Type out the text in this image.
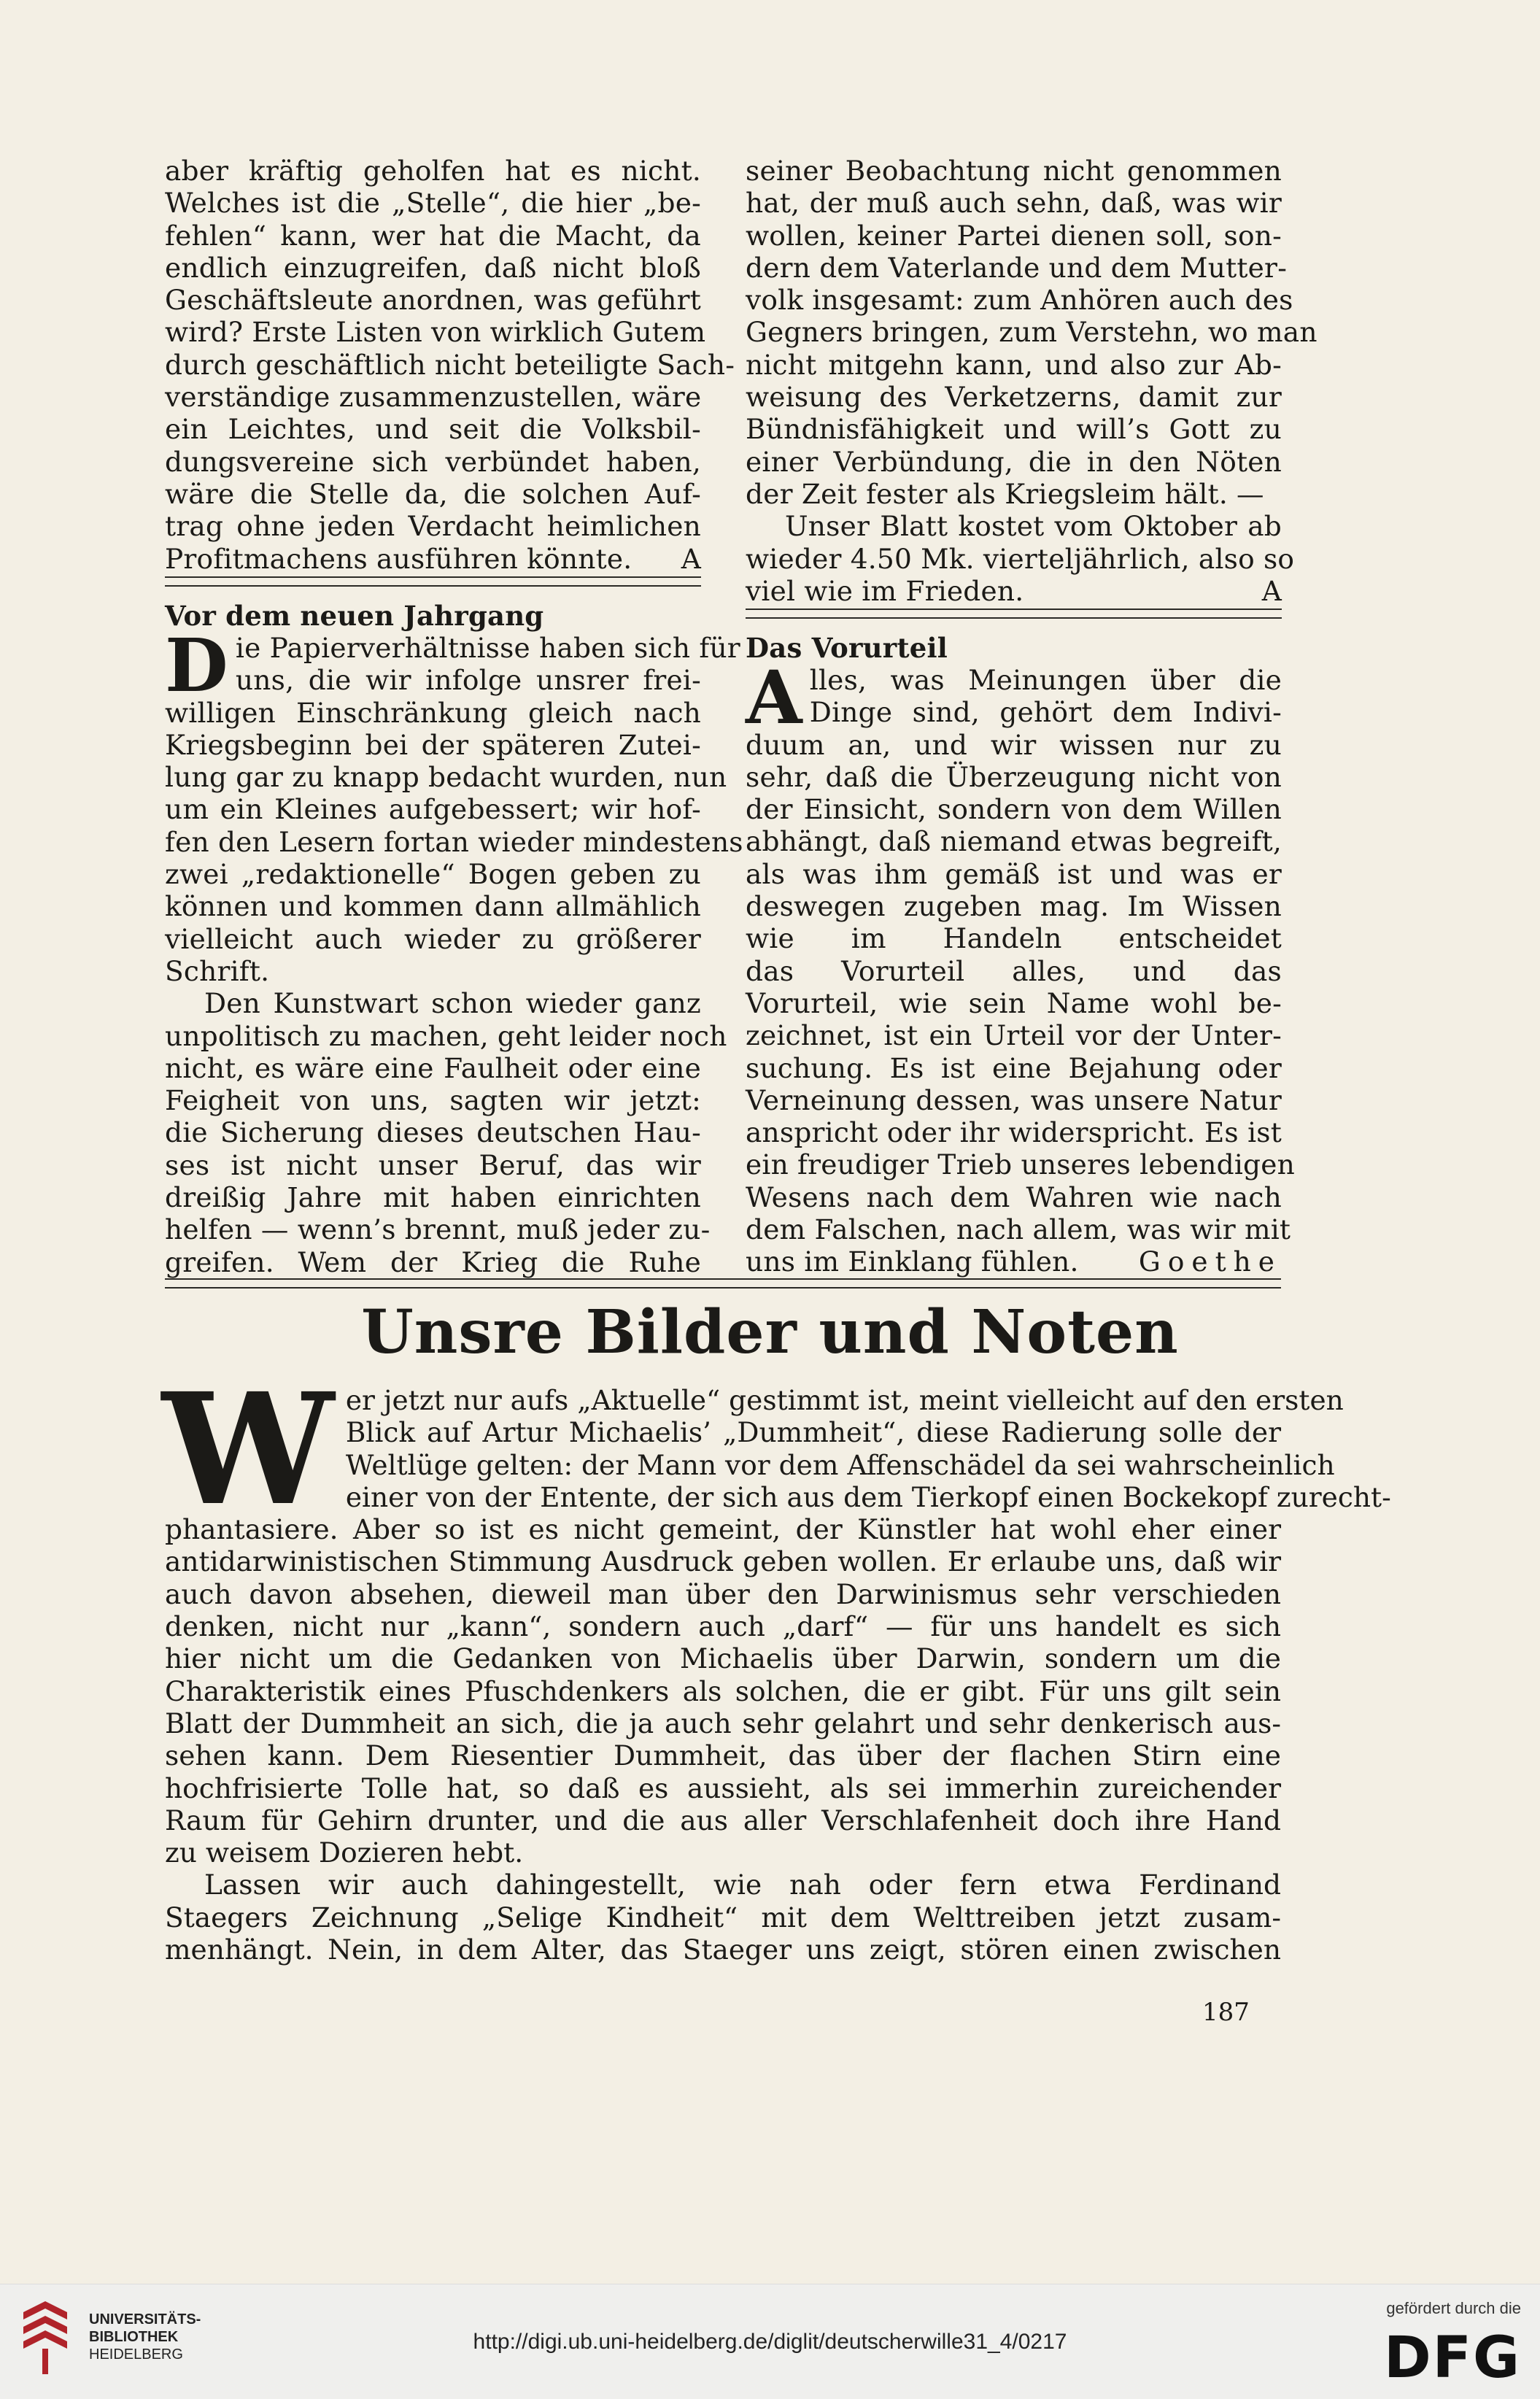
aber kräftig geholfen hat es nicht.
Welches ist die „Stelle“, die hier „be-
fehlen“ kann, wer hat die Macht, da
endlich einzugreifen, daß nicht bloß
Geschäftsleute anordnen, was geführt
wird? Erste Listen von wirklich Gutem
durch geschäftlich nicht beteiligte Sach-
verständige zusammenzustellen, wäre
ein Leichtes, und seit die Volksbil-
dungsvereine sich verbündet haben,
wäre die Stelle da, die solchen Auf-
trag ohne jeden Verdacht heimlichen
Profitmachens ausführen könnte. A
Vor dem neuen Jahrgang
D ie Papierverhältnisse haben sich für
uns, die wir infolge unsrer frei-
willigen Einschränkung gleich nach
Kriegsbeginn bei der späteren Zutei-
lung gar zu knapp bedacht wurden, nun
um ein Kleines aufgebessert; wir hof-
fen den Lesern fortan wieder mindestens
zwei „redaktionelle“ Bogen geben zu
können und kommen dann allmählich
vielleicht auch wieder zu größerer
Schrift.
Den Kunstwart schon wieder ganz
unpolitisch zu machen, geht leider noch
nicht, es wäre eine Faulheit oder eine
Feigheit von uns, sagten wir jetzt:
die Sicherung dieses deutschen Hau-
ses ist nicht unser Beruf, das wir
dreißig Jahre mit haben einrichten
helfen — wenn’s brennt, muß jeder zu-
greifen. Wem der Krieg die Ruhe
seiner Beobachtung nicht genommen
hat, der muß auch sehn, daß, was wir
wollen, keiner Partei dienen soll, son-
dern dem Vaterlande und dem Mutter-
volk insgesamt: zum Anhören auch des
Gegners bringen, zum Verstehn, wo man
nicht mitgehn kann, und also zur Ab-
weisung des Verketzerns, damit zur
Bündnisfähigkeit und will’s Gott zu
einer Verbündung, die in den Nöten
der Zeit fester als Kriegsleim hält. —
Unser Blatt kostet vom Oktober ab
wieder 4.50 Mk. vierteljährlich, also so
viel wie im Frieden.	A
Das Vorurteil
A lles, was Meinungen über die
Dinge sind, gehört dem Indivi-
duum an, und wir wissen nur zu
sehr, daß die Überzeugung nicht von
der Einsicht, sondern von dem Willen
abhängt, daß niemand etwas begreift,
als was ihm gemäß ist und was er
deswegen zugeben mag. Im Wissen
wie im Handeln entscheidet
das Vorurteil alles, und das
Vorurteil, wie sein Name wohl be-
zeichnet, ist ein Urteil vor der Unter-
suchung. Es ist eine Bejahung oder
Verneinung dessen, was unsere Natur
anspricht oder ihr widerspricht. Es ist
ein freudiger Trieb unseres lebendigen
Wesens nach dem Wahren wie nach
dem Falschen, nach allem, was wir mit
uns im Einklang fühlen. Goethe
Unsre Bilder und Noten
W er jetzt nur aufs „Aktuelle“ gestimmt ist, meint vielleicht auf den ersten
Blick auf Artur Michaelis’ „Dummheit“, diese Radierung solle der
Weltlüge gelten: der Mann vor dem Affenschädel da sei wahrscheinlich
einer von der Entente, der sich aus dem Tierkopf einen Bockekopf zurecht-
phantasiere. Aber so ist es nicht gemeint, der Künstler hat wohl eher einer
antidarwinistischen Stimmung Ausdruck geben wollen. Er erlaube uns, daß wir
auch davon absehen, dieweil man über den Darwinismus sehr verschieden
denken, nicht nur „kann“, sondern auch „darf“ — für uns handelt es sich
hier nicht um die Gedanken von Michaelis über Darwin, sondern um die
Charakteristik eines Pfuschdenkers als solchen, die er gibt. Für uns gilt sein
Blatt der Dummheit an sich, die ja auch sehr gelahrt und sehr denkerisch aus-
sehen kann. Dem Riesentier Dummheit, das über der flachen Stirn eine
hochfrisierte Tolle hat, so daß es aussieht, als sei immerhin zureichender
Raum für Gehirn drunter, und die aus aller Verschlafenheit doch ihre Hand
zu weisem Dozieren hebt.
Lassen wir auch dahingestellt, wie nah oder fern etwa Ferdinand
Staegers Zeichnung „Selige Kindheit“ mit dem Welttreiben jetzt zusam-
menhängt. Nein, in dem Alter, das Staeger uns zeigt, stören einen zwischen
187
UNIVERSITÄTS-
BIBLIOTHEK
HEIDELBERG
http://digi.ub.uni-heidelberg.de/diglit/deutscherwille31_4/0217
gefördert durch die
DFG
